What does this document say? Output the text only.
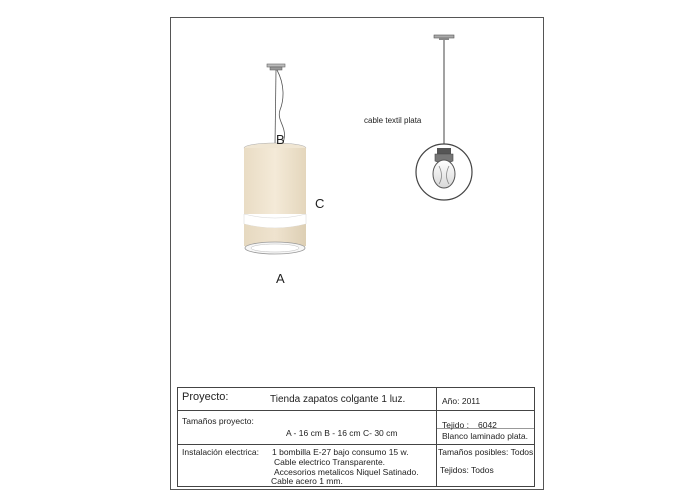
B
C
A
cable textil plata
Proyecto:	Tienda zapatos colgante 1 luz.	Año: 2011
Tamaños proyecto:
A - 16 cm B - 16 cm C- 30 cm
Tejido : 6042
Blanco laminado plata.
Instalación electrica: 1 bombilla E-27 bajo consumo 15 w.
Cable electrico Transparente.
Accesorios metalicos Niquel Satinado.
Cable acero 1 mm.
Tamaños posibles: Todos
Tejidos: Todos
